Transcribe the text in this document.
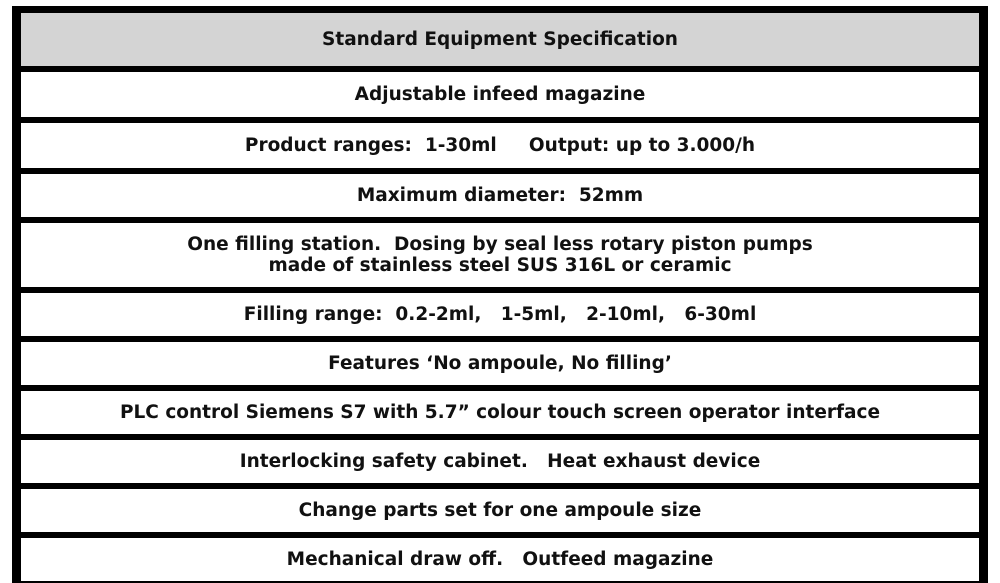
Standard Equipment Specification
Adjustable infeed magazine
Product ranges:  1-30ml     Output: up to 3.000/h
Maximum diameter:  52mm
One filling station.  Dosing by seal less rotary piston pumps
made of stainless steel SUS 316L or ceramic
Filling range:  0.2-2ml,   1-5ml,   2-10ml,   6-30ml
Features ‘No ampoule, No filling’
PLC control Siemens S7 with 5.7” colour touch screen operator interface
Interlocking safety cabinet.   Heat exhaust device
Change parts set for one ampoule size
Mechanical draw off.   Outfeed magazine
